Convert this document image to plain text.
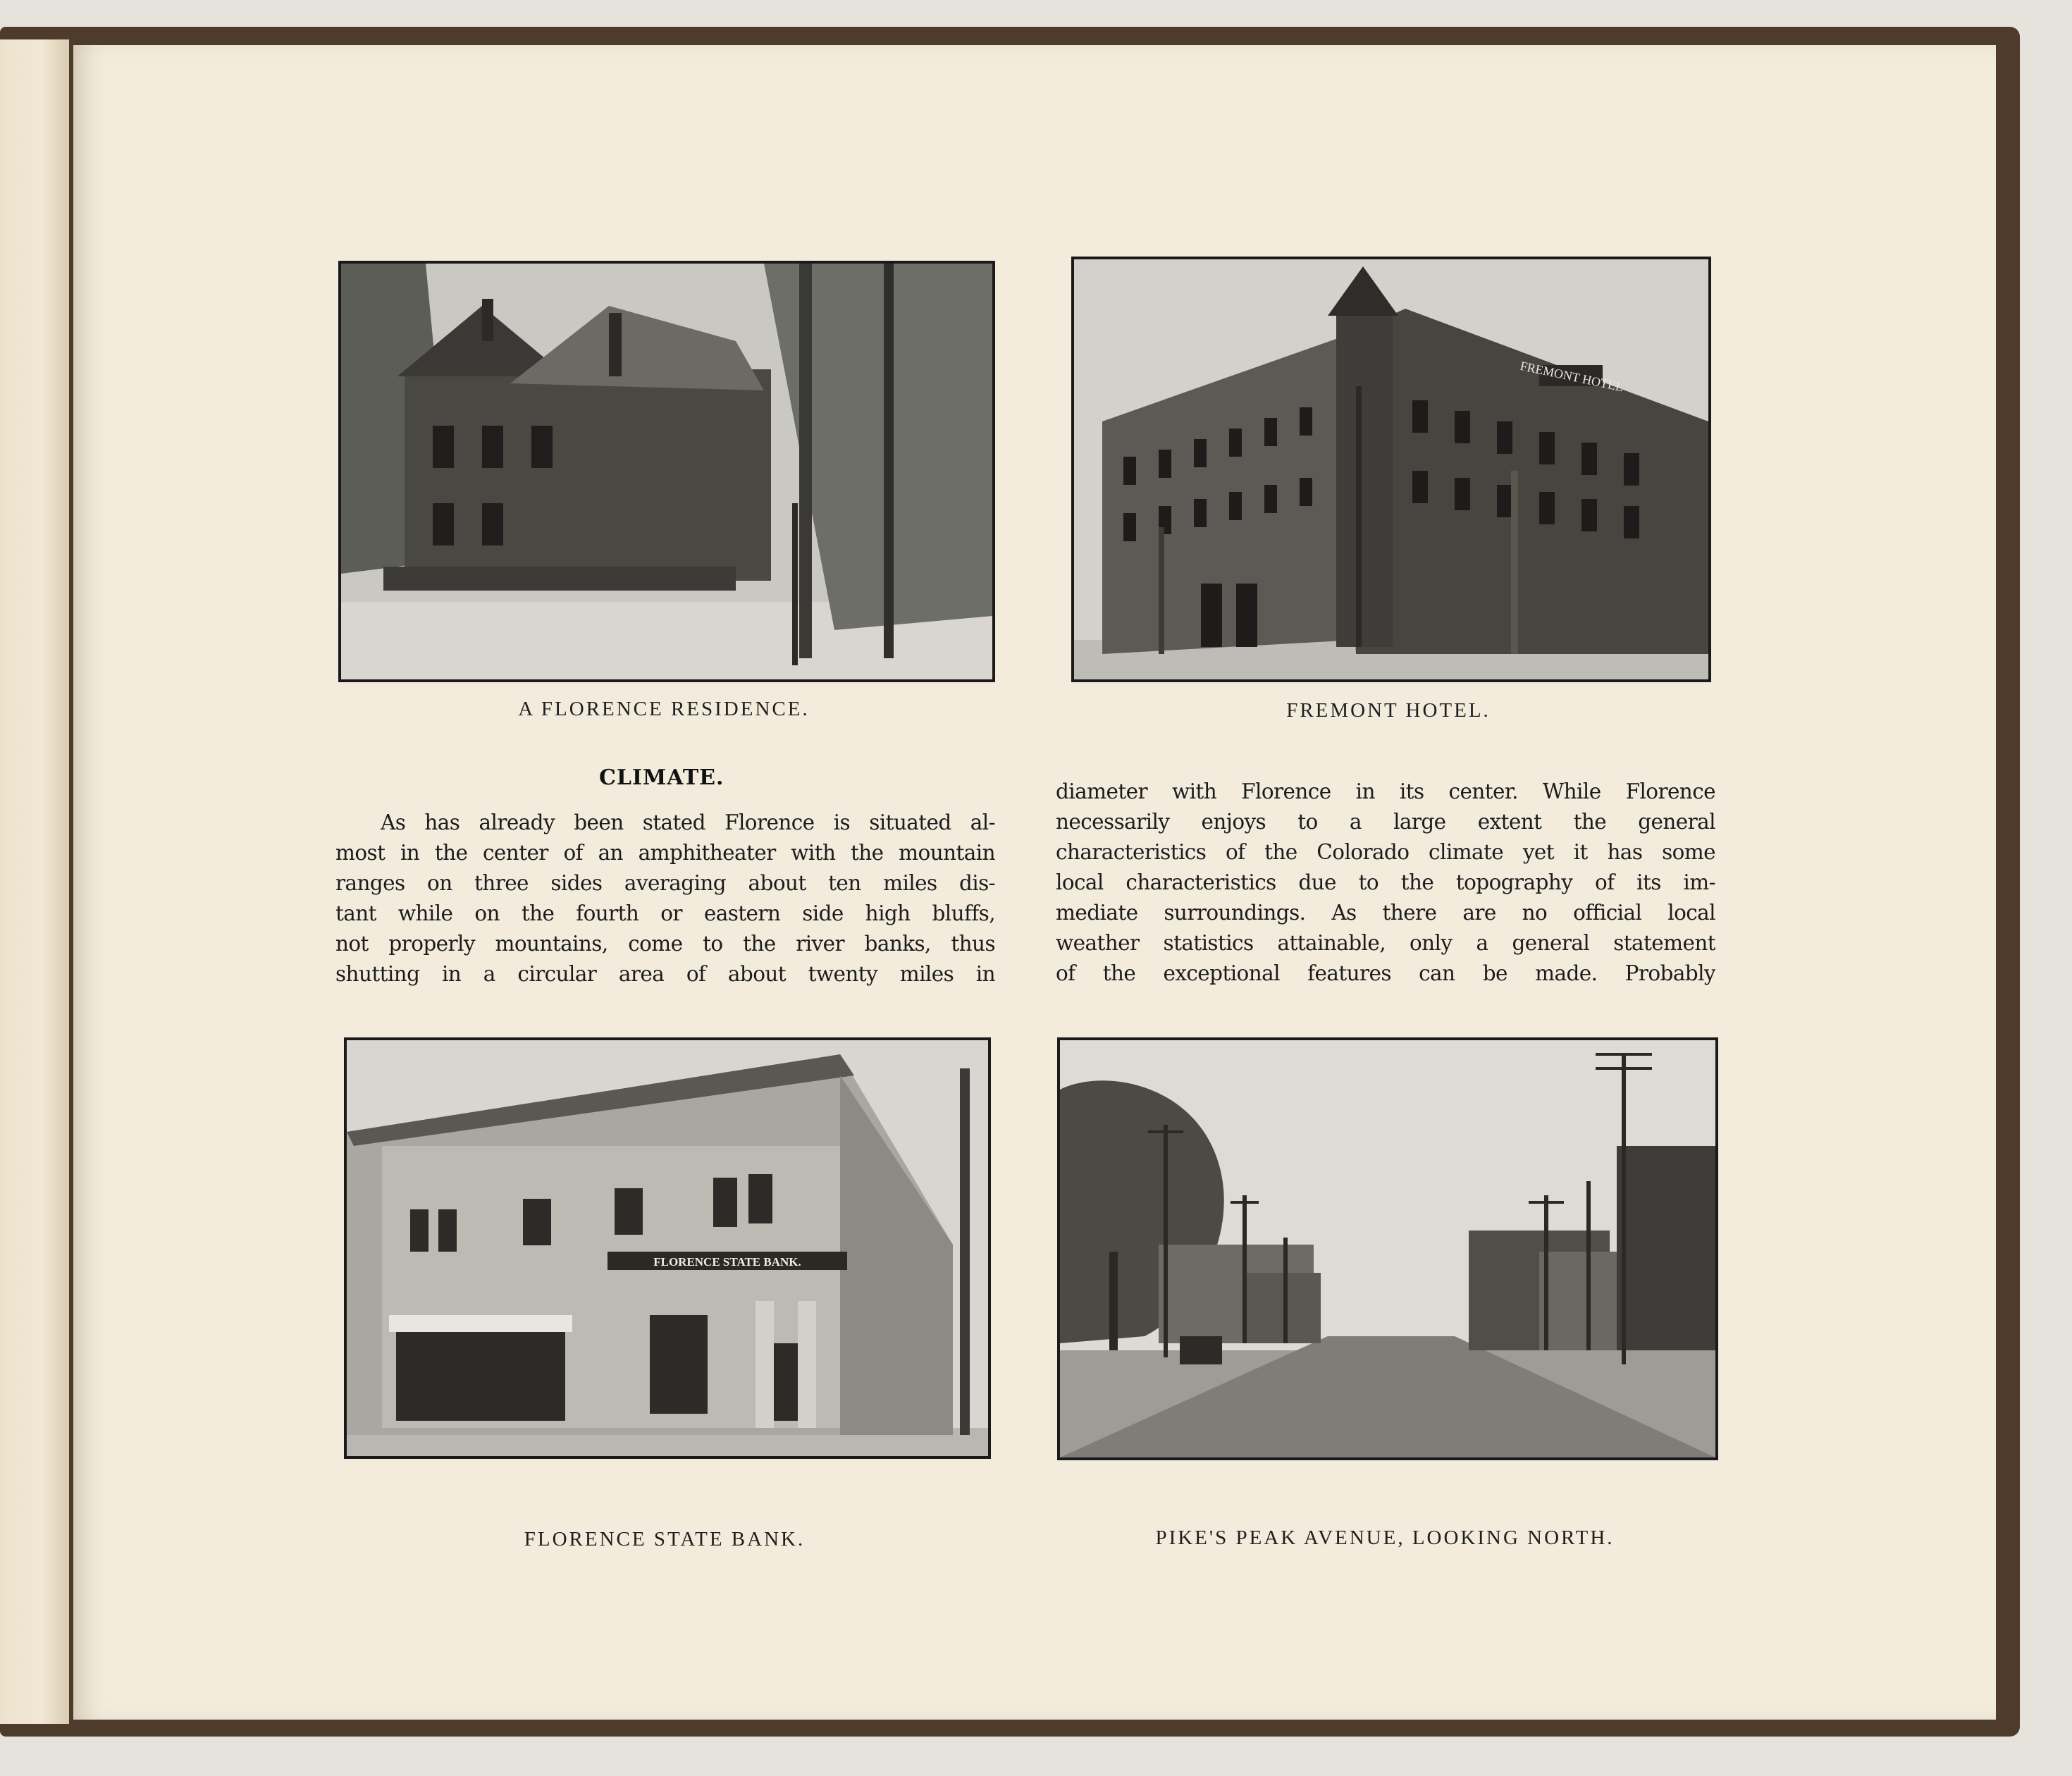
A FLORENCE RESIDENCE.
FREMONT HOTEL
FREMONT HOTEL.
CLIMATE.
As has already been stated Florence is situated al-
most in the center of an amphitheater with the mountain
ranges on three sides averaging about ten miles dis-
tant while on the fourth or eastern side high bluffs,
not properly mountains, come to the river banks, thus
shutting in a circular area of about twenty miles in
diameter with Florence in its center. While Florence
necessarily enjoys to a large extent the general
characteristics of the Colorado climate yet it has some
local characteristics due to the topography of its im-
mediate surroundings. As there are no official local
weather statistics attainable, only a general statement
of the exceptional features can be made. Probably
FLORENCE STATE BANK.
FLORENCE STATE BANK.	PIKE'S PEAK AVENUE, LOOKING NORTH.
